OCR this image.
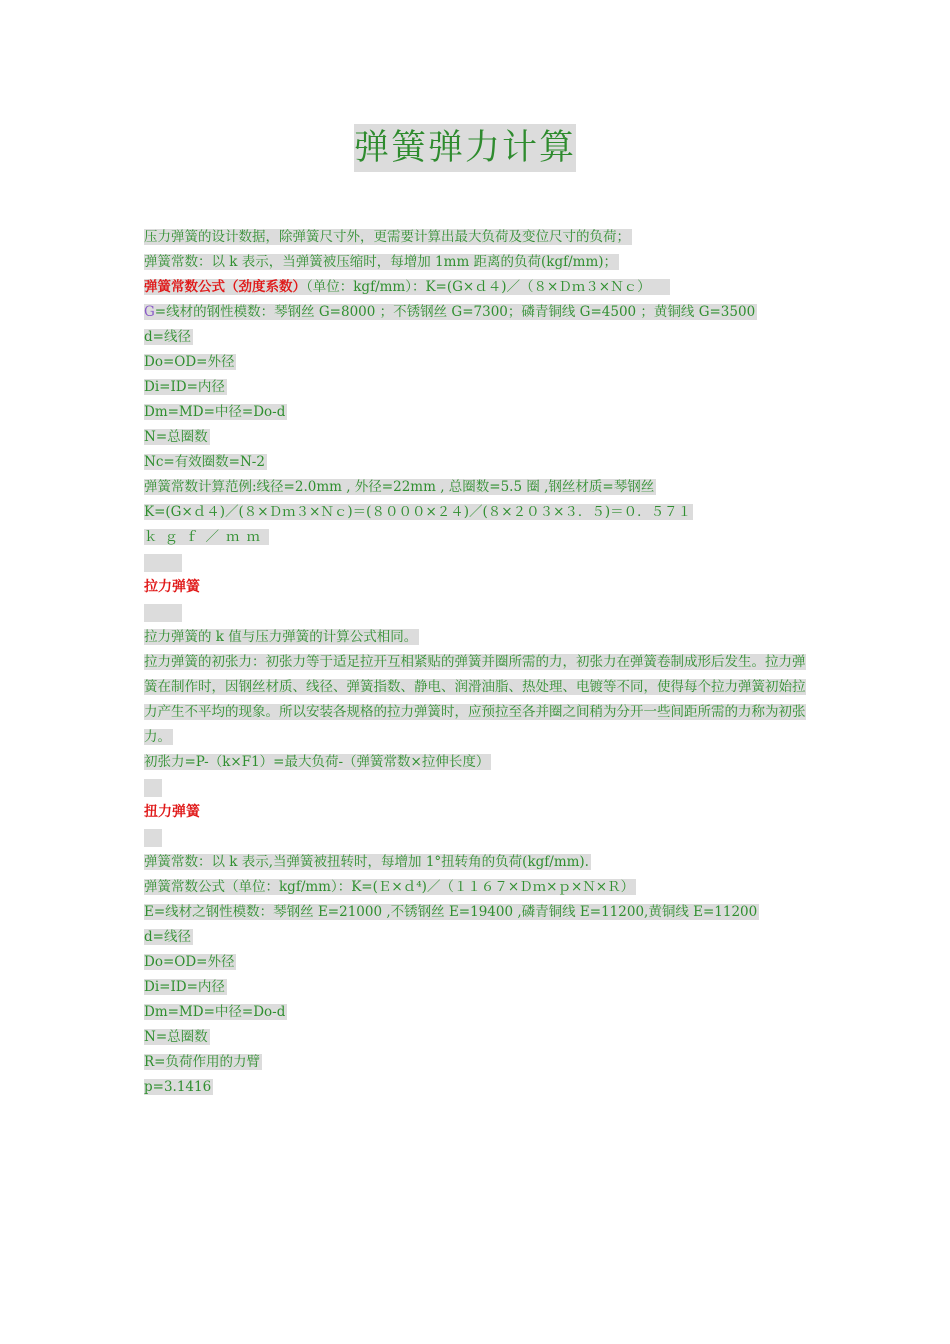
弹簧弹力计算
压力弹簧的设计数据，除弹簧尺寸外，更需要计算出最大负荷及变位尺寸的负荷；
弹簧常数：以 k 表示，当弹簧被压缩时，每增加 1mm 距离的负荷(kgf/mm)；
弹簧常数公式（劲度系数）（单位：kgf/mm）：K=(G×ｄ４)／（８×Ｄｍ３×Ｎｃ）
G=线材的钢性模数：琴钢丝 G=8000 ；不锈钢丝 G=7300；磷青铜线 G=4500 ；黄铜线 G=3500
d=线径
Do=OD=外径
Di=ID=内径
Dm=MD=中径=Do-d
N=总圈数
Nc=有效圈数=N-2
弹簧常数计算范例:线径=2.0mm , 外径=22mm , 总圈数=5.5 圈 ,钢丝材质=琴钢丝
K=(G×ｄ４)／(８×Ｄｍ３×Ｎｃ)＝(８０００×２４)／(８×２０３×３．５)＝０．５７１
ｋｇｆ／ｍｍ
拉力弹簧
拉力弹簧的 k 值与压力弹簧的计算公式相同。
拉力弹簧的初张力：初张力等于适足拉开互相紧贴的弹簧并圈所需的力，初张力在弹簧卷制成形后发生。拉力弹簧在制作时，因钢丝材质、线径、弹簧指数、静电、润滑油脂、热处理、电镀等不同，使得每个拉力弹簧初始拉力产生不平均的现象。所以安装各规格的拉力弹簧时，应预拉至各并圈之间稍为分开一些间距所需的力称为初张力。
初张力=P-（k×F1）=最大负荷-（弹簧常数×拉伸长度）
扭力弹簧
弹簧常数：以 k 表示,当弹簧被扭转时，每增加 1°扭转角的负荷(kgf/mm).
弹簧常数公式（单位：kgf/mm）：K=(Ｅ×ｄ⁴)／（１１６７×Ｄｍ×ｐ×Ｎ×Ｒ）
E=线材之钢性模数：琴钢丝 E=21000 ,不锈钢丝 E=19400 ,磷青铜线 E=11200,黄铜线 E=11200
d=线径
Do=OD=外径
Di=ID=内径
Dm=MD=中径=Do-d
N=总圈数
R=负荷作用的力臂
p=3.1416
